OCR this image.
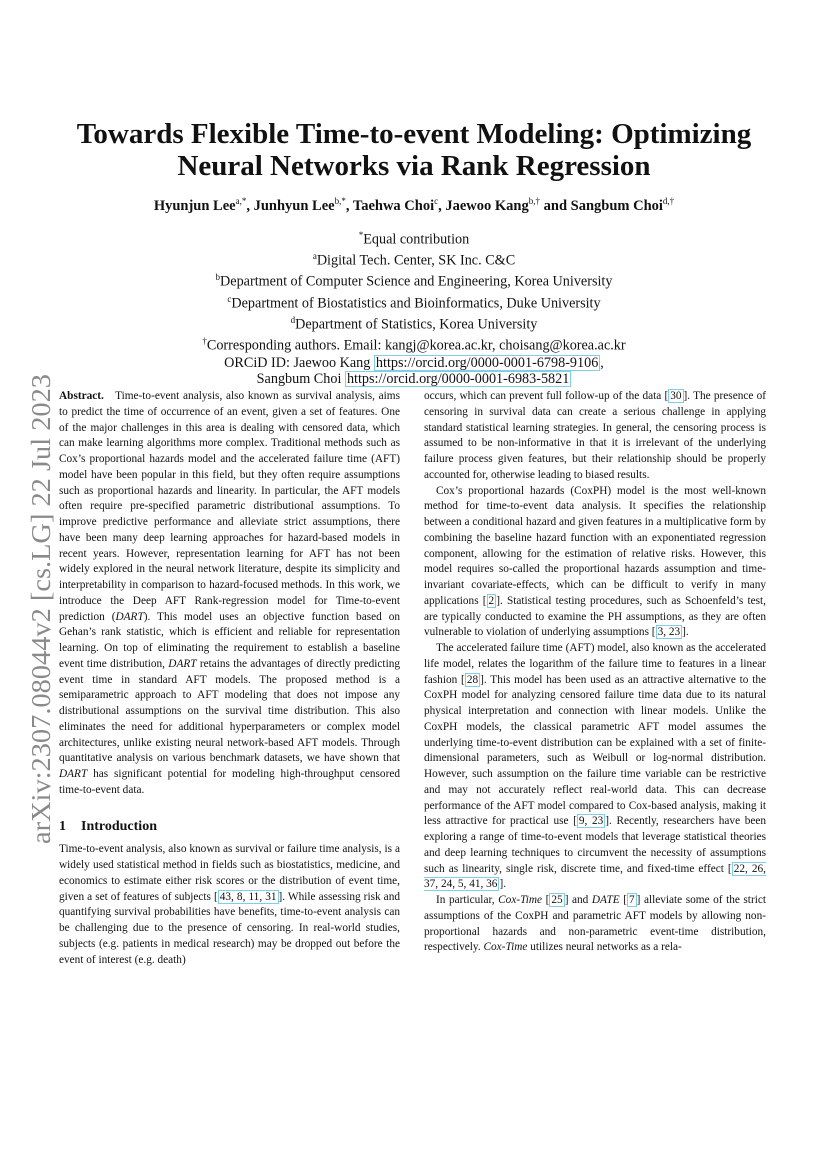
arXiv:2307.08044v2 [cs.LG] 22 Jul 2023
Towards Flexible Time-to-event Modeling: Optimizing
Neural Networks via Rank Regression
Hyunjun Lee$^{a,*}$, Junhyun Lee$^{b,*}$, Taehwa Choi$^c$, Jaewoo Kang$^{b,\dagger}$ and Sangbum Choi$^{d,\dagger}$
*Equal contribution
$^a$Digital Tech. Center, SK Inc. C&C
$^b$Department of Computer Science and Engineering, Korea University
$^c$Department of Biostatistics and Bioinformatics, Duke University
$^d$Department of Statistics, Korea University
†Corresponding authors. Email: kangj@korea.ac.kr, choisang@korea.ac.kr
ORCiD ID: Jaewoo Kang https://orcid.org/0000-0001-6798-9106 ,
Sangbum Choi https://orcid.org/0000-0001-6983-5821

Abstract. Time-to-event analysis, also known as survival analysis, aims to predict the time of occurrence of an event, given a set of features. One of the major challenges in this area is dealing with censored data, which can make learning algorithms more complex. Traditional methods such as Cox’s proportional hazards model and the accelerated failure time (AFT) model have been popular in this field, but they often require assumptions such as proportional hazards and linearity. In particular, the AFT models often require pre-specified parametric distributional assumptions. To improve predictive performance and alleviate strict assumptions, there have been many deep learning approaches for hazard-based models in recent years. However, representation learning for AFT has not been widely explored in the neural network literature, despite its simplicity and interpretability in comparison to hazard-focused methods. In this work, we introduce the Deep AFT Rank-regression model for Time-to-event prediction (DART). This model uses an objective function based on Gehan’s rank statistic, which is efficient and reliable for representation learning. On top of eliminating the requirement to establish a baseline event time distribution, DART retains the advantages of directly predicting event time in standard AFT models. The proposed method is a semiparametric approach to AFT modeling that does not impose any distributional assumptions on the survival time distribution. This also eliminates the need for additional hyperparameters or complex model architectures, unlike existing neural network-based AFT models. Through quantitative analysis on various benchmark datasets, we have shown that DART has significant potential for modeling high-throughput censored time-to-event data.

1 Introduction

Time-to-event analysis, also known as survival or failure time analysis, is a widely used statistical method in fields such as biostatistics, medicine, and economics to estimate either risk scores or the distribution of event time, given a set of features of subjects [ 43, 8, 11, 31 ]. While assessing risk and quantifying survival probabilities have benefits, time-to-event analysis can be challenging due to the presence of censoring. In real-world studies, subjects (e.g. patients in medical research) may be dropped out before the event of interest (e.g. death)

occurs, which can prevent full follow-up of the data [ 30 ]. The presence of censoring in survival data can create a serious challenge in applying standard statistical learning strategies. In general, the censoring process is assumed to be non-informative in that it is irrelevant of the underlying failure process given features, but their relationship should be properly accounted for, otherwise leading to biased results.

Cox’s proportional hazards (CoxPH) model is the most well-known method for time-to-event data analysis. It specifies the relationship between a conditional hazard and given features in a multiplicative form by combining the baseline hazard function with an exponentiated regression component, allowing for the estimation of relative risks. However, this model requires so-called the proportional hazards assumption and time-invariant covariate-effects, which can be difficult to verify in many applications [ 2 ]. Statistical testing procedures, such as Schoenfeld’s test, are typically conducted to examine the PH assumptions, as they are often vulnerable to violation of underlying assumptions [ 3, 23 ].

The accelerated failure time (AFT) model, also known as the accelerated life model, relates the logarithm of the failure time to features in a linear fashion [ 28 ]. This model has been used as an attractive alternative to the CoxPH model for analyzing censored failure time data due to its natural physical interpretation and connection with linear models. Unlike the CoxPH models, the classical parametric AFT model assumes the underlying time-to-event distribution can be explained with a set of finite-dimensional parameters, such as Weibull or log-normal distribution. However, such assumption on the failure time variable can be restrictive and may not accurately reflect real-world data. This can decrease performance of the AFT model compared to Cox-based analysis, making it less attractive for practical use [ 9, 23 ]. Recently, researchers have been exploring a range of time-to-event models that leverage statistical theories and deep learning techniques to circumvent the necessity of assumptions such as linearity, single risk, discrete time, and fixed-time effect [ 22, 26, 37, 24, 5, 41, 36 ].

In particular, Cox-Time [ 25 ] and DATE [ 7 ] alleviate some of the strict assumptions of the CoxPH and parametric AFT models by allowing non-proportional hazards and non-parametric event-time distribution, respectively. Cox-Time utilizes neural networks as a rela-
